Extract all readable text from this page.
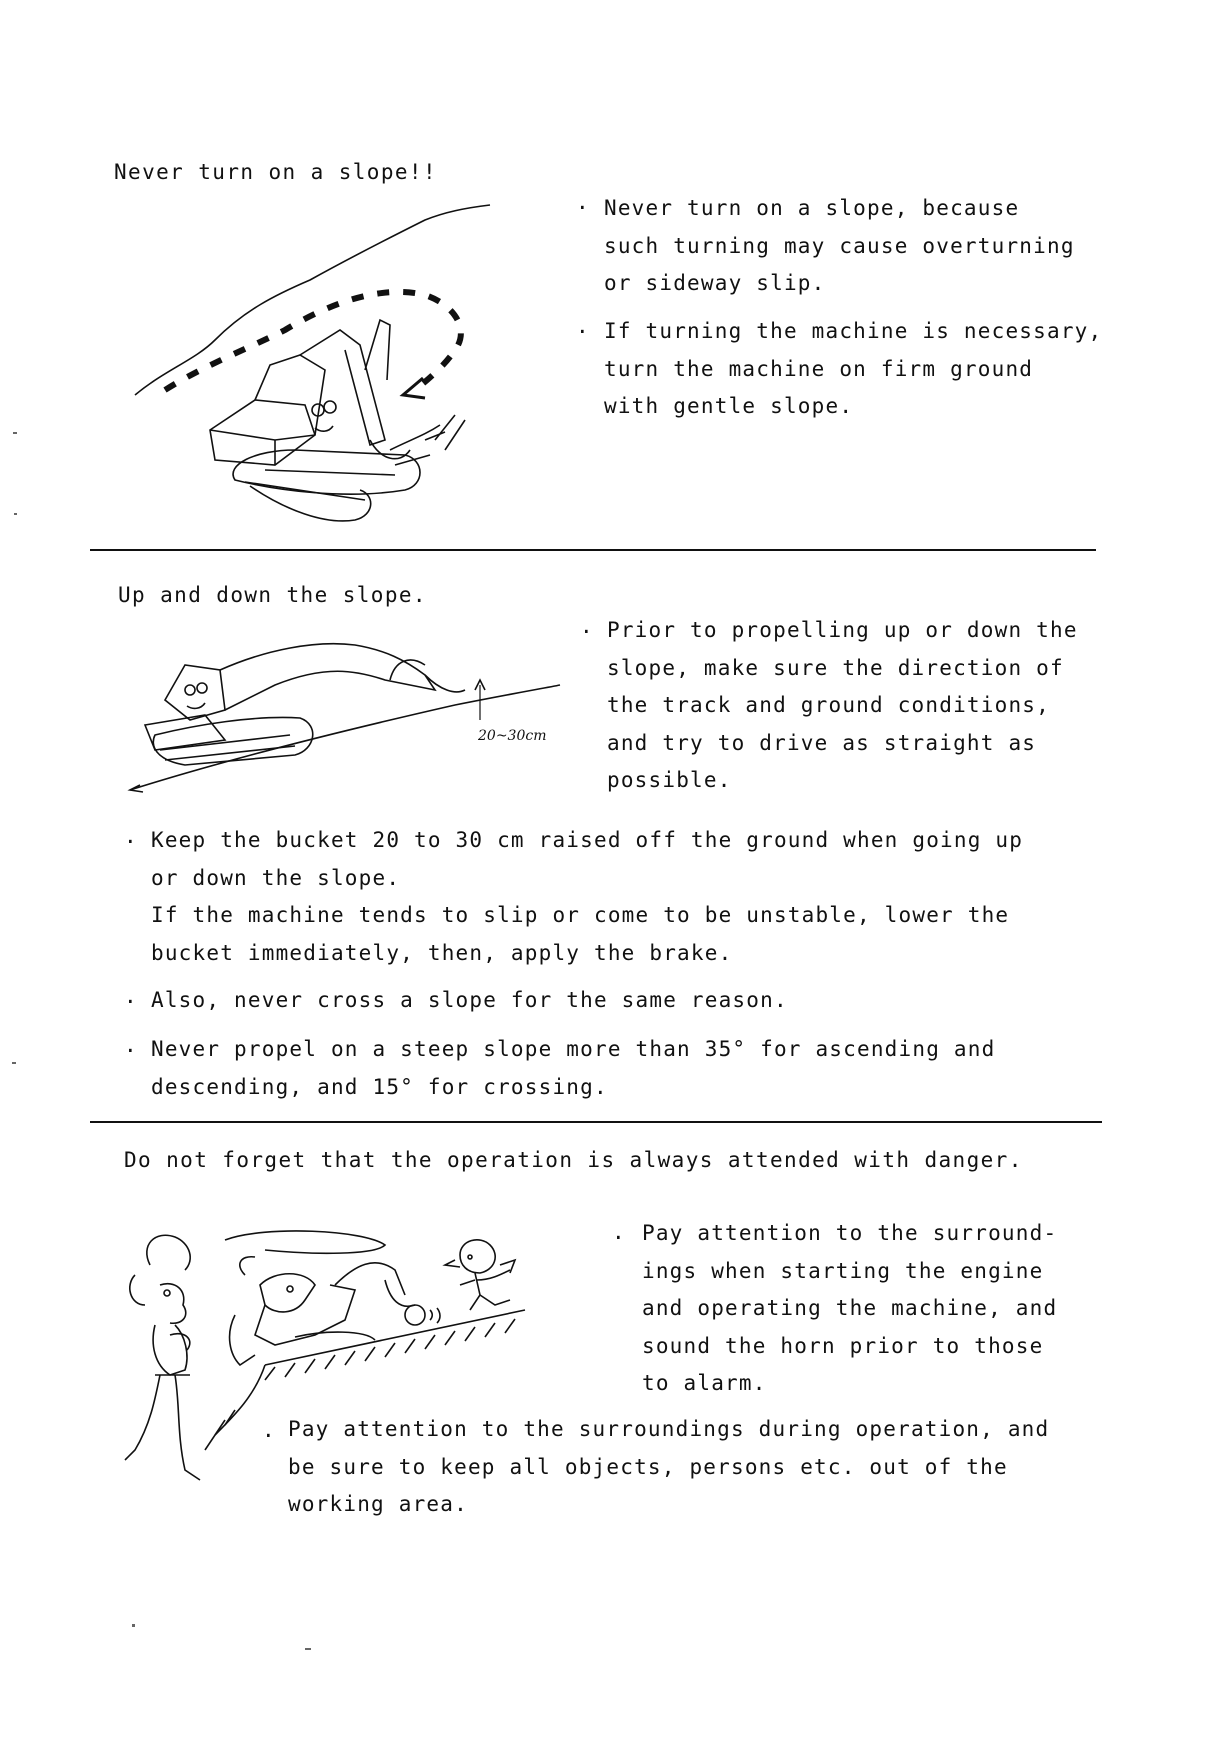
Never turn on a slope!!
· Never turn on a slope, because
such turning may cause overturning
or sideway slip.
· If turning the machine is necessary,
turn the machine on firm ground
with gentle slope.
Up and down the slope.
· Prior to propelling up or down the
slope, make sure the direction of
the track and ground conditions,
and try to drive as straight as
possible.
20~30cm
· Keep the bucket 20 to 30 cm raised off the ground when going up
or down the slope.
If the machine tends to slip or come to be unstable, lower the
bucket immediately, then, apply the brake.
· Also, never cross a slope for the same reason.
· Never propel on a steep slope more than 35° for ascending and
descending, and 15° for crossing.
Do not forget that the operation is always attended with danger.
. Pay attention to the surround-
ings when starting the engine
and operating the machine, and
sound the horn prior to those
to alarm.
. Pay attention to the surroundings during operation, and
be sure to keep all objects, persons etc. out of the
working area.
